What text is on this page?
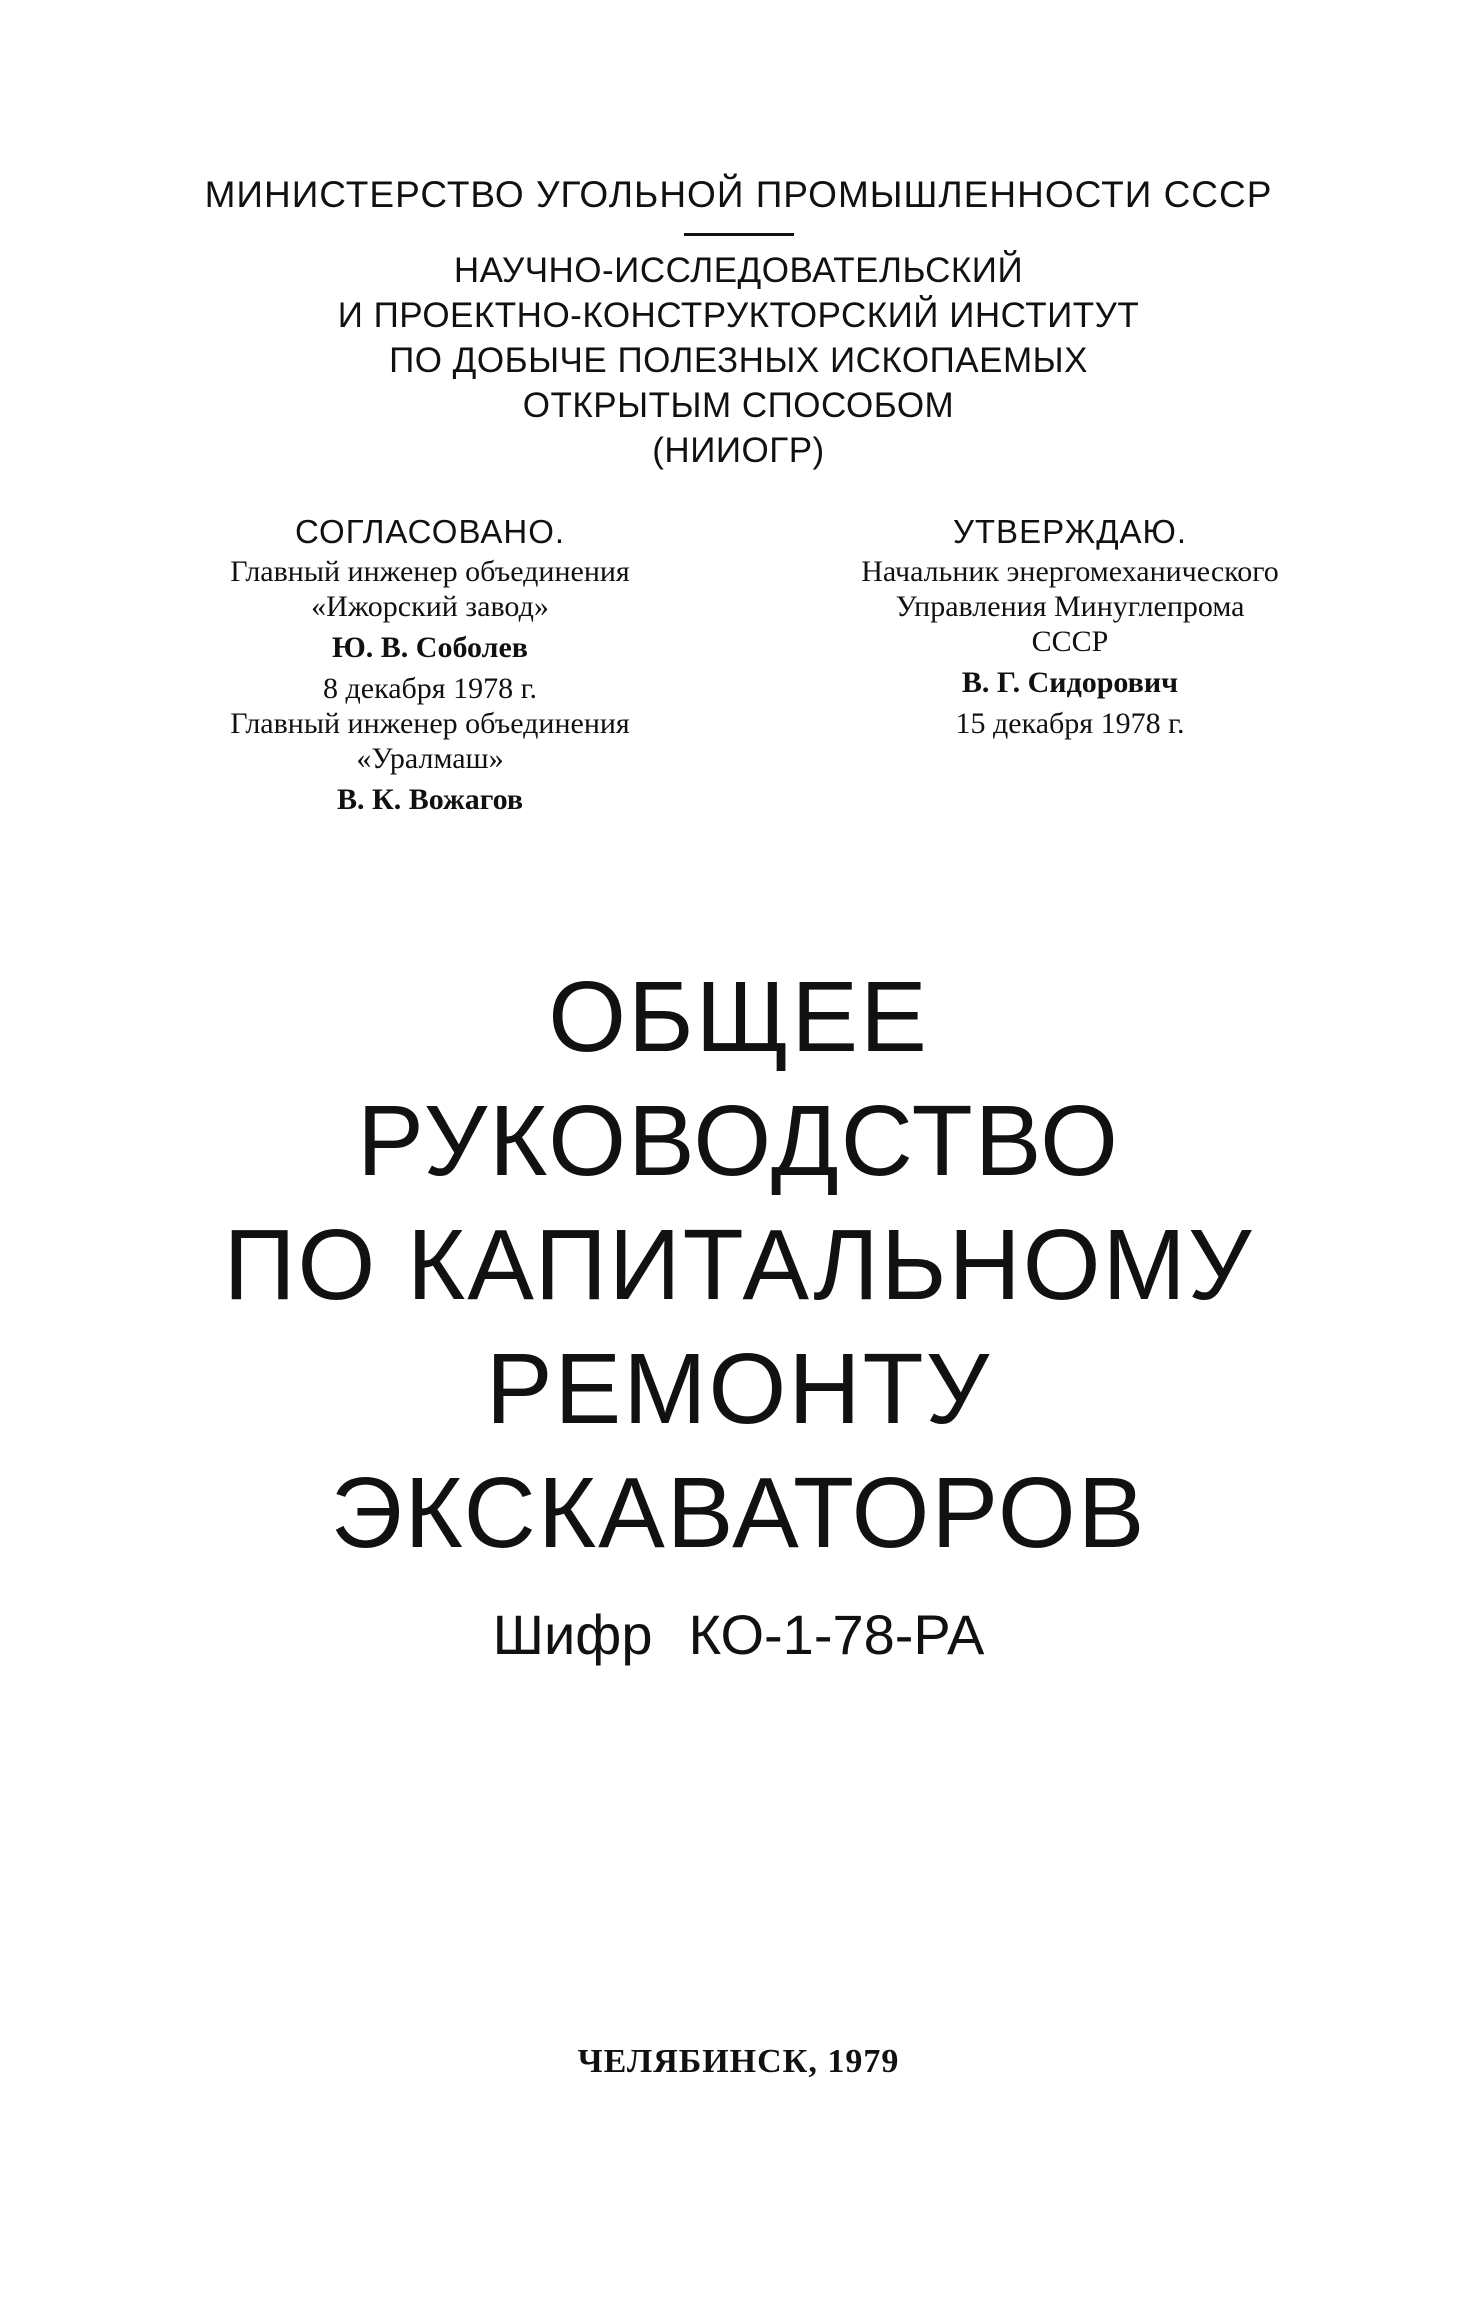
МИНИСТЕРСТВО УГОЛЬНОЙ ПРОМЫШЛЕННОСТИ СССР
НАУЧНО-ИССЛЕДОВАТЕЛЬСКИЙ
И ПРОЕКТНО-КОНСТРУКТОРСКИЙ ИНСТИТУТ
ПО ДОБЫЧЕ ПОЛЕЗНЫХ ИСКОПАЕМЫХ
ОТКРЫТЫМ СПОСОБОМ
(НИИОГР)
СОГЛАСОВАНО.
Главный инженер объединения
«Ижорский завод»
Ю. В. Соболев
8 декабря 1978 г.
Главный инженер объединения
«Уралмаш»
В. К. Вожагов
УТВЕРЖДАЮ.
Начальник энергомеханического
Управления Минуглепрома
СССР
В. Г. Сидорович
15 декабря 1978 г.
ОБЩЕЕ
РУКОВОДСТВО
ПО КАПИТАЛЬНОМУ
РЕМОНТУ
ЭКСКАВАТОРОВ
Шифр КО-1-78-РА
ЧЕЛЯБИНСК, 1979
